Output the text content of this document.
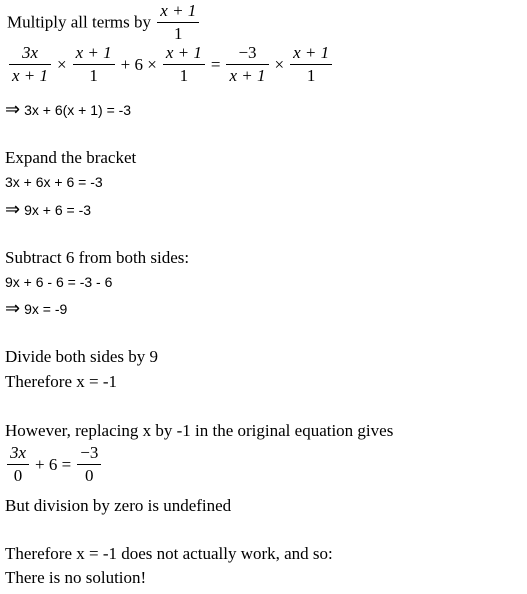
Multiply all terms by $\frac{x + 1}{1}$
$\frac{3x}{x + 1} \times \frac{x + 1}{1} + 6 \times \frac{x + 1}{1} = \frac{-3}{x + 1} \times \frac{x + 1}{1}$
⇒ 3x + 6(x + 1) = -3
Expand the bracket
3x + 6x + 6 = -3
⇒ 9x + 6 = -3
Subtract 6 from both sides:
9x + 6 - 6 = -3 - 6
⇒ 9x = -9
Divide both sides by 9
Therefore x = -1
However, replacing x by -1 in the original equation gives
$\frac{3x}{0} + 6 = \frac{-3}{0}$
But division by zero is undefined
Therefore x = -1 does not actually work, and so:
There is no solution!
